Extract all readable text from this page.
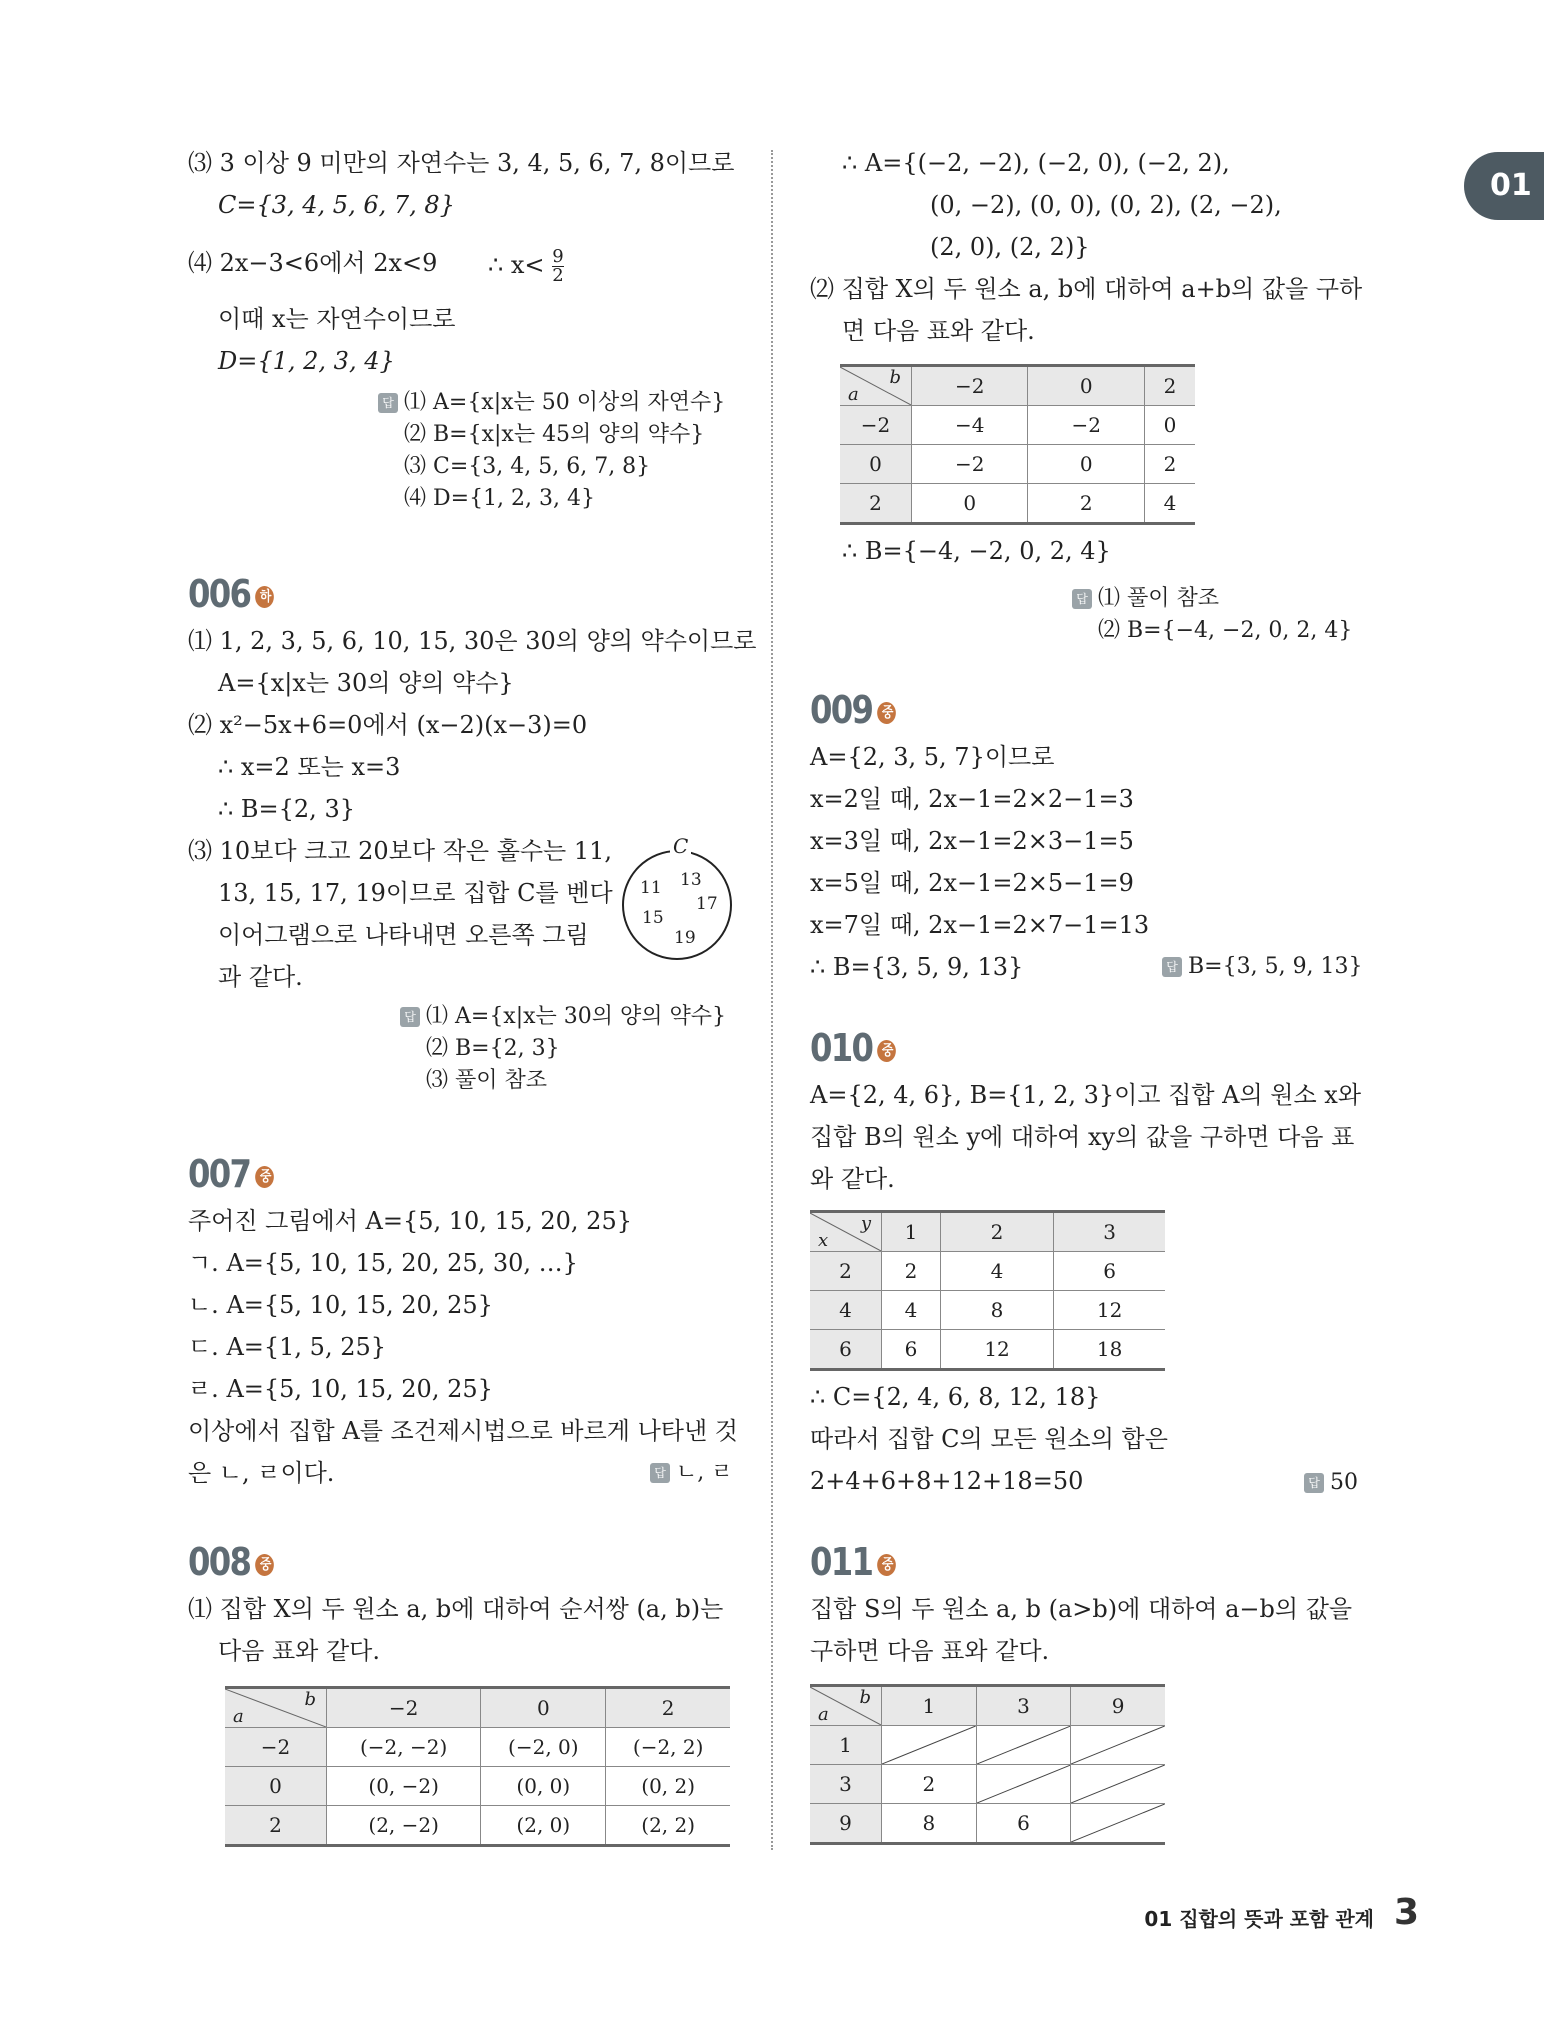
01
⑶ 3 이상 9 미만의 자연수는 3, 4, 5, 6, 7, 8이므로
C={3, 4, 5, 6, 7, 8}
⑷ 2x−3<6에서 2x<9 ∴ $x< \frac{9}{2}$
이때 x는 자연수이므로
D={1, 2, 3, 4}
답 ⑴ A={x|x는 50 이상의 자연수}
⑵ B={x|x는 45의 양의 약수}
⑶ C={3, 4, 5, 6, 7, 8}
⑷ D={1, 2, 3, 4}
006 하
⑴ 1, 2, 3, 5, 6, 10, 15, 30은 30의 양의 약수이므로
A={x|x는 30의 양의 약수}
⑵ x²−5x+6=0에서 (x−2)(x−3)=0
∴ x=2 또는 x=3
∴ B={2, 3}
⑶ 10보다 크고 20보다 작은 홀수는 11,
13, 15, 17, 19이므로 집합 C를 벤다
이어그램으로 나타내면 오른쪽 그림
과 같다.
C
11 13
17
15
19
답 ⑴ A={x|x는 30의 양의 약수}
⑵ B={2, 3}
⑶ 풀이 참조
007 중
주어진 그림에서 A={5, 10, 15, 20, 25}
ㄱ. A={5, 10, 15, 20, 25, 30, …}
ㄴ. A={5, 10, 15, 20, 25}
ㄷ. A={1, 5, 25}
ㄹ. A={5, 10, 15, 20, 25}
이상에서 집합 A를 조건제시법으로 바르게 나타낸 것
은 ㄴ, ㄹ이다.	답 ㄴ, ㄹ
008 중
⑴ 집합 X의 두 원소 a, b에 대하여 순서쌍 (a, b)는
다음 표와 같다.
b
a	−2	0	2
−2	(−2, −2)	(−2, 0)	(−2, 2)
0	(0, −2)	(0, 0)	(0, 2)
2	(2, −2)	(2, 0)	(2, 2)
∴ A={(−2, −2), (−2, 0), (−2, 2),
(0, −2), (0, 0), (0, 2), (2, −2),
(2, 0), (2, 2)}
⑵ 집합 X의 두 원소 a, b에 대하여 a+b의 값을 구하
면 다음 표와 같다.
b
a	−2	0	2
−2	−4	−2	0
0	−2	0	2
2	0	2	4
∴ B={−4, −2, 0, 2, 4}
답 ⑴ 풀이 참조
⑵ B={−4, −2, 0, 2, 4}
009 중
A={2, 3, 5, 7}이므로
x=2일 때, 2x−1=2×2−1=3
x=3일 때, 2x−1=2×3−1=5
x=5일 때, 2x−1=2×5−1=9
x=7일 때, 2x−1=2×7−1=13
∴ B={3, 5, 9, 13}	답 B={3, 5, 9, 13}
010 중
A={2, 4, 6}, B={1, 2, 3}이고 집합 A의 원소 x와
집합 B의 원소 y에 대하여 xy의 값을 구하면 다음 표
와 같다.
y
x	1	2	3
2	2	4	6
4	4	8	12
6	6	12	18
∴ C={2, 4, 6, 8, 12, 18}
따라서 집합 C의 모든 원소의 합은
2+4+6+8+12+18=50	답 50
011 중
집합 S의 두 원소 a, b (a>b)에 대하여 a−b의 값을
구하면 다음 표와 같다.
b
a	1	3	9
1	

3	2	

9	8	6	
01 집합의 뜻과 포함 관계 3
